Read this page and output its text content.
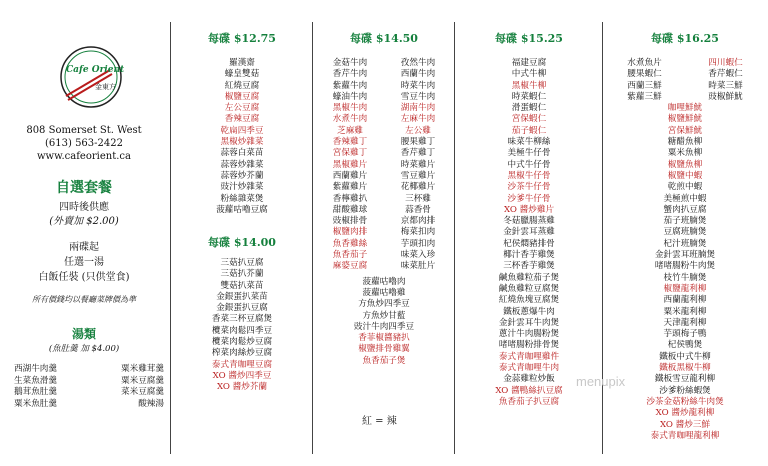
Cafe Orient
金東方
808 Somerset St. West
(613) 563-2422
www.cafeorient.ca
自選套餐
四時後供應
(外賣加 $2.00)
兩碟起
任選一湯
白飯任裝 (只供堂食)
所有價錢均以餐廳菜牌價為準
湯類
(魚肚羹 加 $4.00)
西湖牛肉羹	粟米雞茸羹
生菜魚滑羹	粟米豆腐羹
鵝茸魚肚羹	菜米豆腐羹
粟米魚肚羹	酸辣湯
每碟 $12.75
羅漢齋
蠔皇雙菇
紅燒豆腐
椒鹽豆腐
左公豆腐
香辣豆腐
乾扁四季豆
黑椒炒雜菜
蒜蓉白菜苗
蒜蓉炒雜菜
蒜蓉炒芥蘭
豉汁炒雜菜
粉絲雜菜煲
菠蘿咕嚕豆腐
每碟 $14.00
三菇扒豆腐
三菇扒芥蘭
雙菇扒菜苗
金銀蛋扒菜苗
金銀蛋扒豆腐
香菜三杯豆腐煲
欖菜肉鬆四季豆
欖菜肉鬆炒豆腐
榨菜肉絲炒豆腐
泰式青咖哩豆腐
XO 醬炒四季豆
XO 醬炒芥蘭
每碟 $14.50
金菇牛肉	孜然牛肉
香芹牛肉	西蘭牛肉
紫蘿牛肉	時菜牛肉
蠔油牛肉	雪豆牛肉
黑椒牛肉	湖南牛肉
水煮牛肉	左麻牛肉
芝麻雞	左公雞
香辣雞丁	腰果雞丁
宮保雞丁	香芹雞丁
黑椒雞片	時菜雞片
西蘭雞片	雪豆雞片
紫蘿雞片	花椰雞片
香檸雞扒	三杯雞
甜酸雞球	蒜香骨
豉椒排骨	京都肉排
椒鹽肉排	梅菜扣肉
魚香雞絲	芋頭扣肉
魚香茄子	味菜入珍
麻婆豆腐	味菜肚片
菠蘿咕嚕肉
菠蘿咕嚕雞
方魚炒四季豆
方魚炒甘藍
豉汁牛肉四季豆
香菲椒醬豬扒
椒鹽排骨雞翼
魚香茄子煲
紅 = 辣
每碟 $15.25
福建豆腐
中式牛柳
黑椒牛柳
時菜蝦仁
滑蛋蝦仁
宮保蝦仁
茄子蝦仁
味菜牛柳絲
美極牛仔骨
中式牛仔骨
黑椒牛仔骨
沙茶牛仔骨
沙爹牛仔骨
XO 醬炒雞片
冬菇臘腸蒸雞
金針雲耳蒸雞
杞侯燜豬排骨
椰汁香芋雞煲
三杯香芋雞煲
鹹魚雞粒茄子煲
鹹魚雞粒豆腐煲
紅燒魚塊豆腐煲
鐵板蔥爆牛肉
金針雲耳牛肉煲
蔥汁牛肉腸粉煲
啫啫腸粉排骨煲
泰式青咖哩雞件
泰式青咖哩牛肉
金蒜雞粒炒飯
XO 醬鴨絲扒豆腐
魚香茄子扒豆腐
每碟 $16.25
水煮魚片	四川蝦仁
腰果蝦仁	香芹蝦仁
西蘭三鮮	時菜三鮮
紫蘿三鮮	豉椒鮮魷
咖哩鮮魷
椒鹽鮮魷
宮保鮮魷
糖醋魚柳
粟米魚柳
椒鹽魚柳
椒鹽中蝦
乾煎中蝦
美極煎中蝦
蟹肉扒豆腐
茄子班腩煲
豆腐班腩煲
杞汁班腩煲
金針雲耳班腩煲
啫啫腸粉牛肉煲
枝竹牛腩煲
椒鹽龍利柳
西蘭龍利柳
粟米龍利柳
天津龍利柳
芋頭梅子鴨
杞侯鴨煲
鐵板中式牛柳
鐵板黑椒牛柳
鐵板雪豆龍利柳
沙爹粉絲蝦煲
沙茶金菇粉絲牛肉煲
XO 醬炒龍利柳
XO 醬炒三鮮
泰式青咖哩龍利柳
menupix
